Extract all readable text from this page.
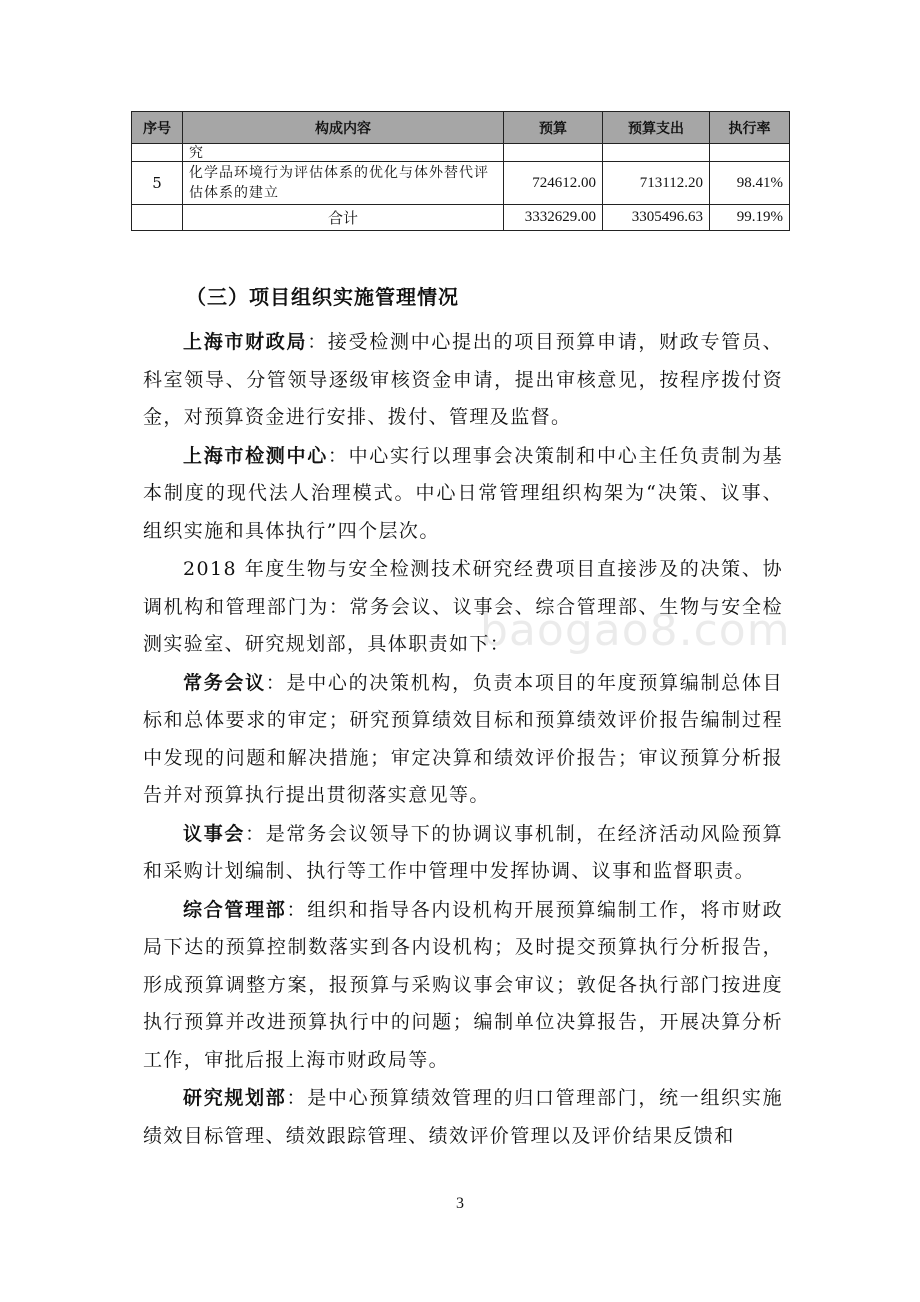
序号	构成内容	预算	预算支出	执行率
	究			
5	化学品环境行为评估体系的优化与体外替代评估体系的建立	724612.00	713112.20	98.41%
	合计	3332629.00	3305496.63	99.19%
（三）项目组织实施管理情况

上海市财政局：接受检测中心提出的项目预算申请，财政专管员、科室领导、分管领导逐级审核资金申请，提出审核意见，按程序拨付资金，对预算资金进行安排、拨付、管理及监督。

上海市检测中心：中心实行以理事会决策制和中心主任负责制为基本制度的现代法人治理模式。中心日常管理组织构架为“决策、议事、组织实施和具体执行”四个层次。

2018 年度生物与安全检测技术研究经费项目直接涉及的决策、协调机构和管理部门为：常务会议、议事会、综合管理部、生物与安全检测实验室、研究规划部，具体职责如下：

常务会议：是中心的决策机构，负责本项目的年度预算编制总体目标和总体要求的审定；研究预算绩效目标和预算绩效评价报告编制过程中发现的问题和解决措施；审定决算和绩效评价报告；审议预算分析报告并对预算执行提出贯彻落实意见等。

议事会：是常务会议领导下的协调议事机制，在经济活动风险预算和采购计划编制、执行等工作中管理中发挥协调、议事和监督职责。

综合管理部：组织和指导各内设机构开展预算编制工作，将市财政局下达的预算控制数落实到各内设机构；及时提交预算执行分析报告，形成预算调整方案，报预算与采购议事会审议；敦促各执行部门按进度执行预算并改进预算执行中的问题；编制单位决算报告，开展决算分析工作，审批后报上海市财政局等。

研究规划部：是中心预算绩效管理的归口管理部门，统一组织实施绩效目标管理、绩效跟踪管理、绩效评价管理以及评价结果反馈和

baogao8.com
3
